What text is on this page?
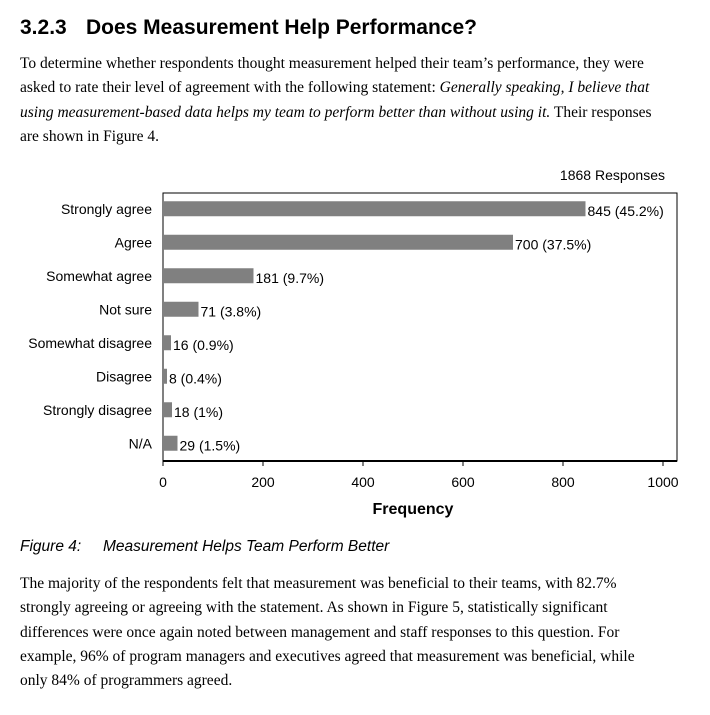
3.2.3 Does Measurement Help Performance?

To determine whether respondents thought measurement helped their team’s performance, they were asked to rate their level of agreement with the following statement: Generally speaking, I believe that using measurement-based data helps my team to perform better than without using it. Their responses are shown in Figure 4.

1868 Responses
Strongly agree	845 (45.2%)
Agree	700 (37.5%)
Somewhat agree	181 (9.7%)
Not sure	71 (3.8%)
Somewhat disagree 16 (0.9%)
Disagree 8 (0.4%)
Strongly disagree 18 (1%)
N/A 29 (1.5%)
0	200	400	600	800	1000
Frequency
Figure 4: Measurement Helps Team Perform Better

The majority of the respondents felt that measurement was beneficial to their teams, with 82.7% strongly agreeing or agreeing with the statement. As shown in Figure 5, statistically significant differences were once again noted between management and staff responses to this question. For example, 96% of program managers and executives agreed that measurement was beneficial, while only 84% of programmers agreed.
